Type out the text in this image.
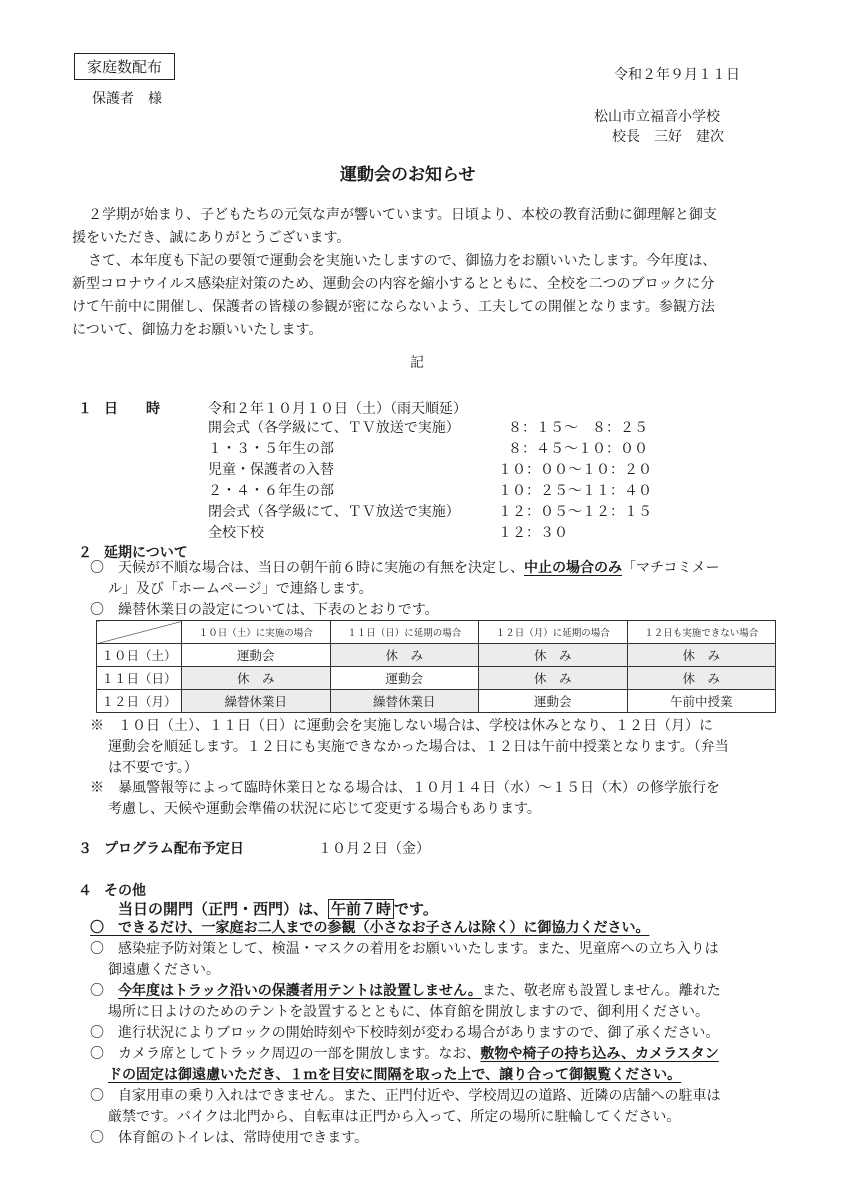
家庭数配布
保護者　様
令和２年９月１１日
松山市立福音小学校
校長　三好　建次
運動会のお知らせ
２学期が始まり、子どもたちの元気な声が響いています。日頃より、本校の教育活動に御理解と御支
援をいただき、誠にありがとうございます。
さて、本年度も下記の要領で運動会を実施いたしますので、御協力をお願いいたします。今年度は、
新型コロナウイルス感染症対策のため、運動会の内容を縮小するとともに、全校を二つのブロックに分
けて午前中に開催し、保護者の皆様の参観が密にならないよう、工夫しての開催となります。参観方法
について、御協力をお願いいたします。
記
１ 日　　時	令和２年１０月１０日（土）（雨天順延）
開会式（各学級にて、ＴＶ放送で実施）	８：１５〜　８：２５
１・３・５年生の部	８：４５〜１０：００
児童・保護者の入替	１０：００〜１０：２０
２・４・６年生の部	１０：２５〜１１：４０
閉会式（各学級にて、ＴＶ放送で実施）	１２：０５〜１２：１５
全校下校	１２：３０
２ 延期について
〇　天候が不順な場合は、当日の朝午前６時に実施の有無を決定し、中止の場合のみ「マチコミメー
ル」及び「ホームページ」で連絡します。
〇　繰替休業日の設定については、下表のとおりです。
	１０日（土）に実施の場合	１１日（日）に延期の場合	１２日（月）に延期の場合	１２日も実施できない場合
１０日（土）	運動会	休　み	休　み	休　み
１１日（日）	休　み	運動会	休　み	休　み
１２日（月）	繰替休業日	繰替休業日	運動会	午前中授業
※　１０日（土）、１１日（日）に運動会を実施しない場合は、学校は休みとなり、１２日（月）に
運動会を順延します。１２日にも実施できなかった場合は、１２日は午前中授業となります。（弁当
は不要です。）
※　暴風警報等によって臨時休業日となる場合は、１０月１４日（水）〜１５日（木）の修学旅行を
考慮し、天候や運動会準備の状況に応じて変更する場合もあります。
３ プログラム配布予定日	１０月２日（金）
４ その他
当日の開門（正門・西門）は、 午前７時 です。
〇　できるだけ、一家庭お二人までの参観（小さなお子さんは除く）に御協力ください。
〇　感染症予防対策として、検温・マスクの着用をお願いいたします。また、児童席への立ち入りは
御遠慮ください。
〇　今年度はトラック沿いの保護者用テントは設置しません。また、敬老席も設置しません。離れた
場所に日よけのためのテントを設置するとともに、体育館を開放しますので、御利用ください。
〇　進行状況によりブロックの開始時刻や下校時刻が変わる場合がありますので、御了承ください。
〇　カメラ席としてトラック周辺の一部を開放します。なお、敷物や椅子の持ち込み、カメラスタン
ドの固定は御遠慮いただき、１ｍを目安に間隔を取った上で、譲り合って御観覧ください。
〇　自家用車の乗り入れはできません。また、正門付近や、学校周辺の道路、近隣の店舗への駐車は
厳禁です。バイクは北門から、自転車は正門から入って、所定の場所に駐輪してください。
〇　体育館のトイレは、常時使用できます。
